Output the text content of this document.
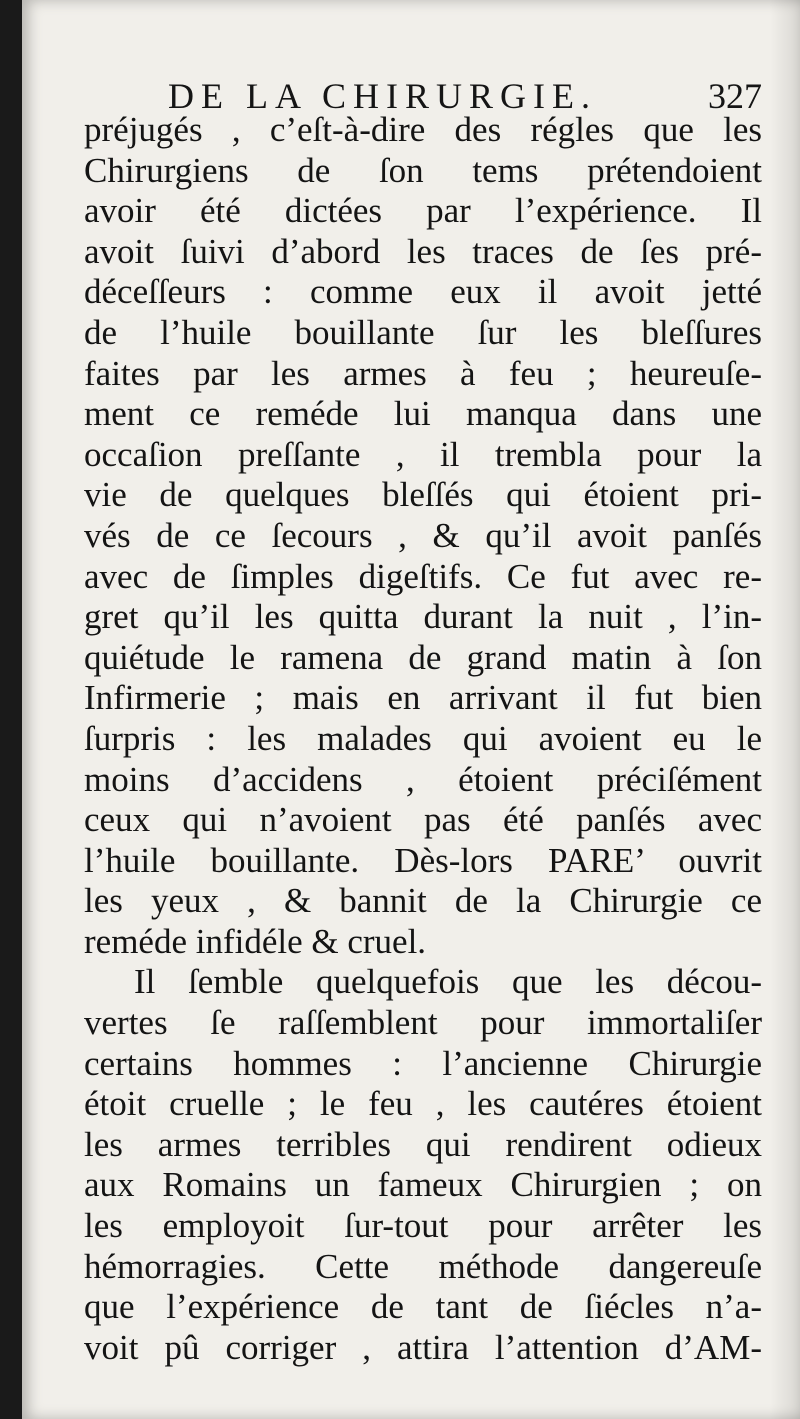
DE LA CHIRURGIE.	327
préjugés , c’eſt-à-dire des régles que les
Chirurgiens de ſon tems prétendoient
avoir été dictées par l’expérience. Il
avoit ſuivi d’abord les traces de ſes pré-
déceſſeurs : comme eux il avoit jetté
de l’huile bouillante ſur les bleſſures
faites par les armes à feu ; heureuſe-
ment ce reméde lui manqua dans une
occaſion preſſante , il trembla pour la
vie de quelques bleſſés qui étoient pri-
vés de ce ſecours , & qu’il avoit panſés
avec de ſimples digeſtifs. Ce fut avec re-
gret qu’il les quitta durant la nuit , l’in-
quiétude le ramena de grand matin à ſon
Infirmerie ; mais en arrivant il fut bien
ſurpris : les malades qui avoient eu le
moins d’accidens , étoient préciſément
ceux qui n’avoient pas été panſés avec
l’huile bouillante. Dès-lors PARE’ ouvrit
les yeux , & bannit de la Chirurgie ce
reméde infidéle & cruel.
Il ſemble quelquefois que les décou-
vertes ſe raſſemblent pour immortaliſer
certains hommes : l’ancienne Chirurgie
étoit cruelle ; le feu , les cautéres étoient
les armes terribles qui rendirent odieux
aux Romains un fameux Chirurgien ; on
les employoit ſur-tout pour arrêter les
hémorragies. Cette méthode dangereuſe
que l’expérience de tant de ſiécles n’a-
voit pû corriger , attira l’attention d’AM-
